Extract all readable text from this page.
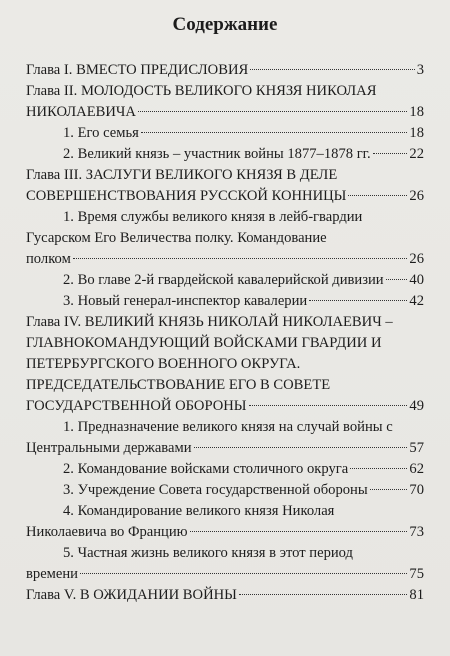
Содержание
Глава I. ВМЕСТО ПРЕДИСЛОВИЯ	3
Глава II. МОЛОДОСТЬ ВЕЛИКОГО КНЯЗЯ НИКОЛАЯ
НИКОЛАЕВИЧА	18
1. Его семья	18
2. Великий князь – участник войны 1877–1878 гг.	22
Глава III. ЗАСЛУГИ ВЕЛИКОГО КНЯЗЯ В ДЕЛЕ
СОВЕРШЕНСТВОВАНИЯ РУССКОЙ КОННИЦЫ	26
1. Время службы великого князя в лейб-гвардии
Гусарском Его Величества полку. Командование
полком	26
2. Во главе 2-й гвардейской кавалерийской дивизии 40
3. Новый генерал-инспектор кавалерии	42
Глава IV. ВЕЛИКИЙ КНЯЗЬ НИКОЛАЙ НИКОЛАЕВИЧ –
ГЛАВНОКОМАНДУЮЩИЙ ВОЙСКАМИ ГВАРДИИ И
ПЕТЕРБУРГСКОГО ВОЕННОГО ОКРУГА.
ПРЕДСЕДАТЕЛЬСТВОВАНИЕ ЕГО В СОВЕТЕ
ГОСУДАРСТВЕННОЙ ОБОРОНЫ	49
1. Предназначение великого князя на случай войны с
Центральными державами	57
2. Командование войсками столичного округа	62
3. Учреждение Совета государственной обороны	70
4. Командирование великого князя Николая
Николаевича во Францию	73
5. Частная жизнь великого князя в этот период
времени	75
Глава V. В ОЖИДАНИИ ВОЙНЫ	81
